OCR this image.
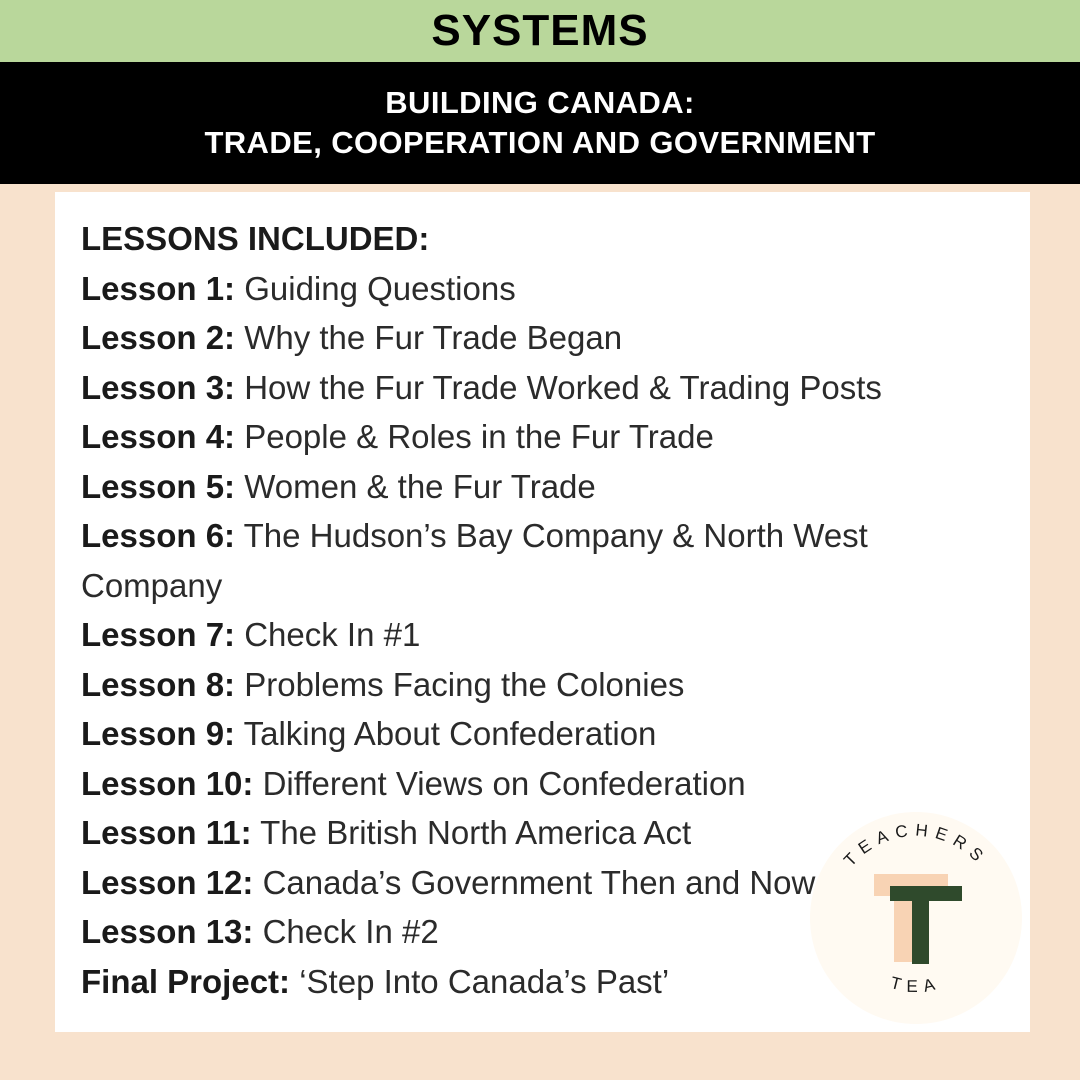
SYSTEMS
BUILDING CANADA:
TRADE, COOPERATION AND GOVERNMENT
LESSONS INCLUDED:
Lesson 1: Guiding Questions
Lesson 2: Why the Fur Trade Began
Lesson 3: How the Fur Trade Worked & Trading Posts
Lesson 4: People & Roles in the Fur Trade
Lesson 5: Women & the Fur Trade
Lesson 6: The Hudson’s Bay Company & North West Company
Lesson 7: Check In #1
Lesson 8: Problems Facing the Colonies
Lesson 9: Talking About Confederation
Lesson 10: Different Views on Confederation
Lesson 11: The British North America Act
Lesson 12: Canada’s Government Then and Now
Lesson 13: Check In #2
Final Project: ‘Step Into Canada’s Past’
TEACHERS
TEA
